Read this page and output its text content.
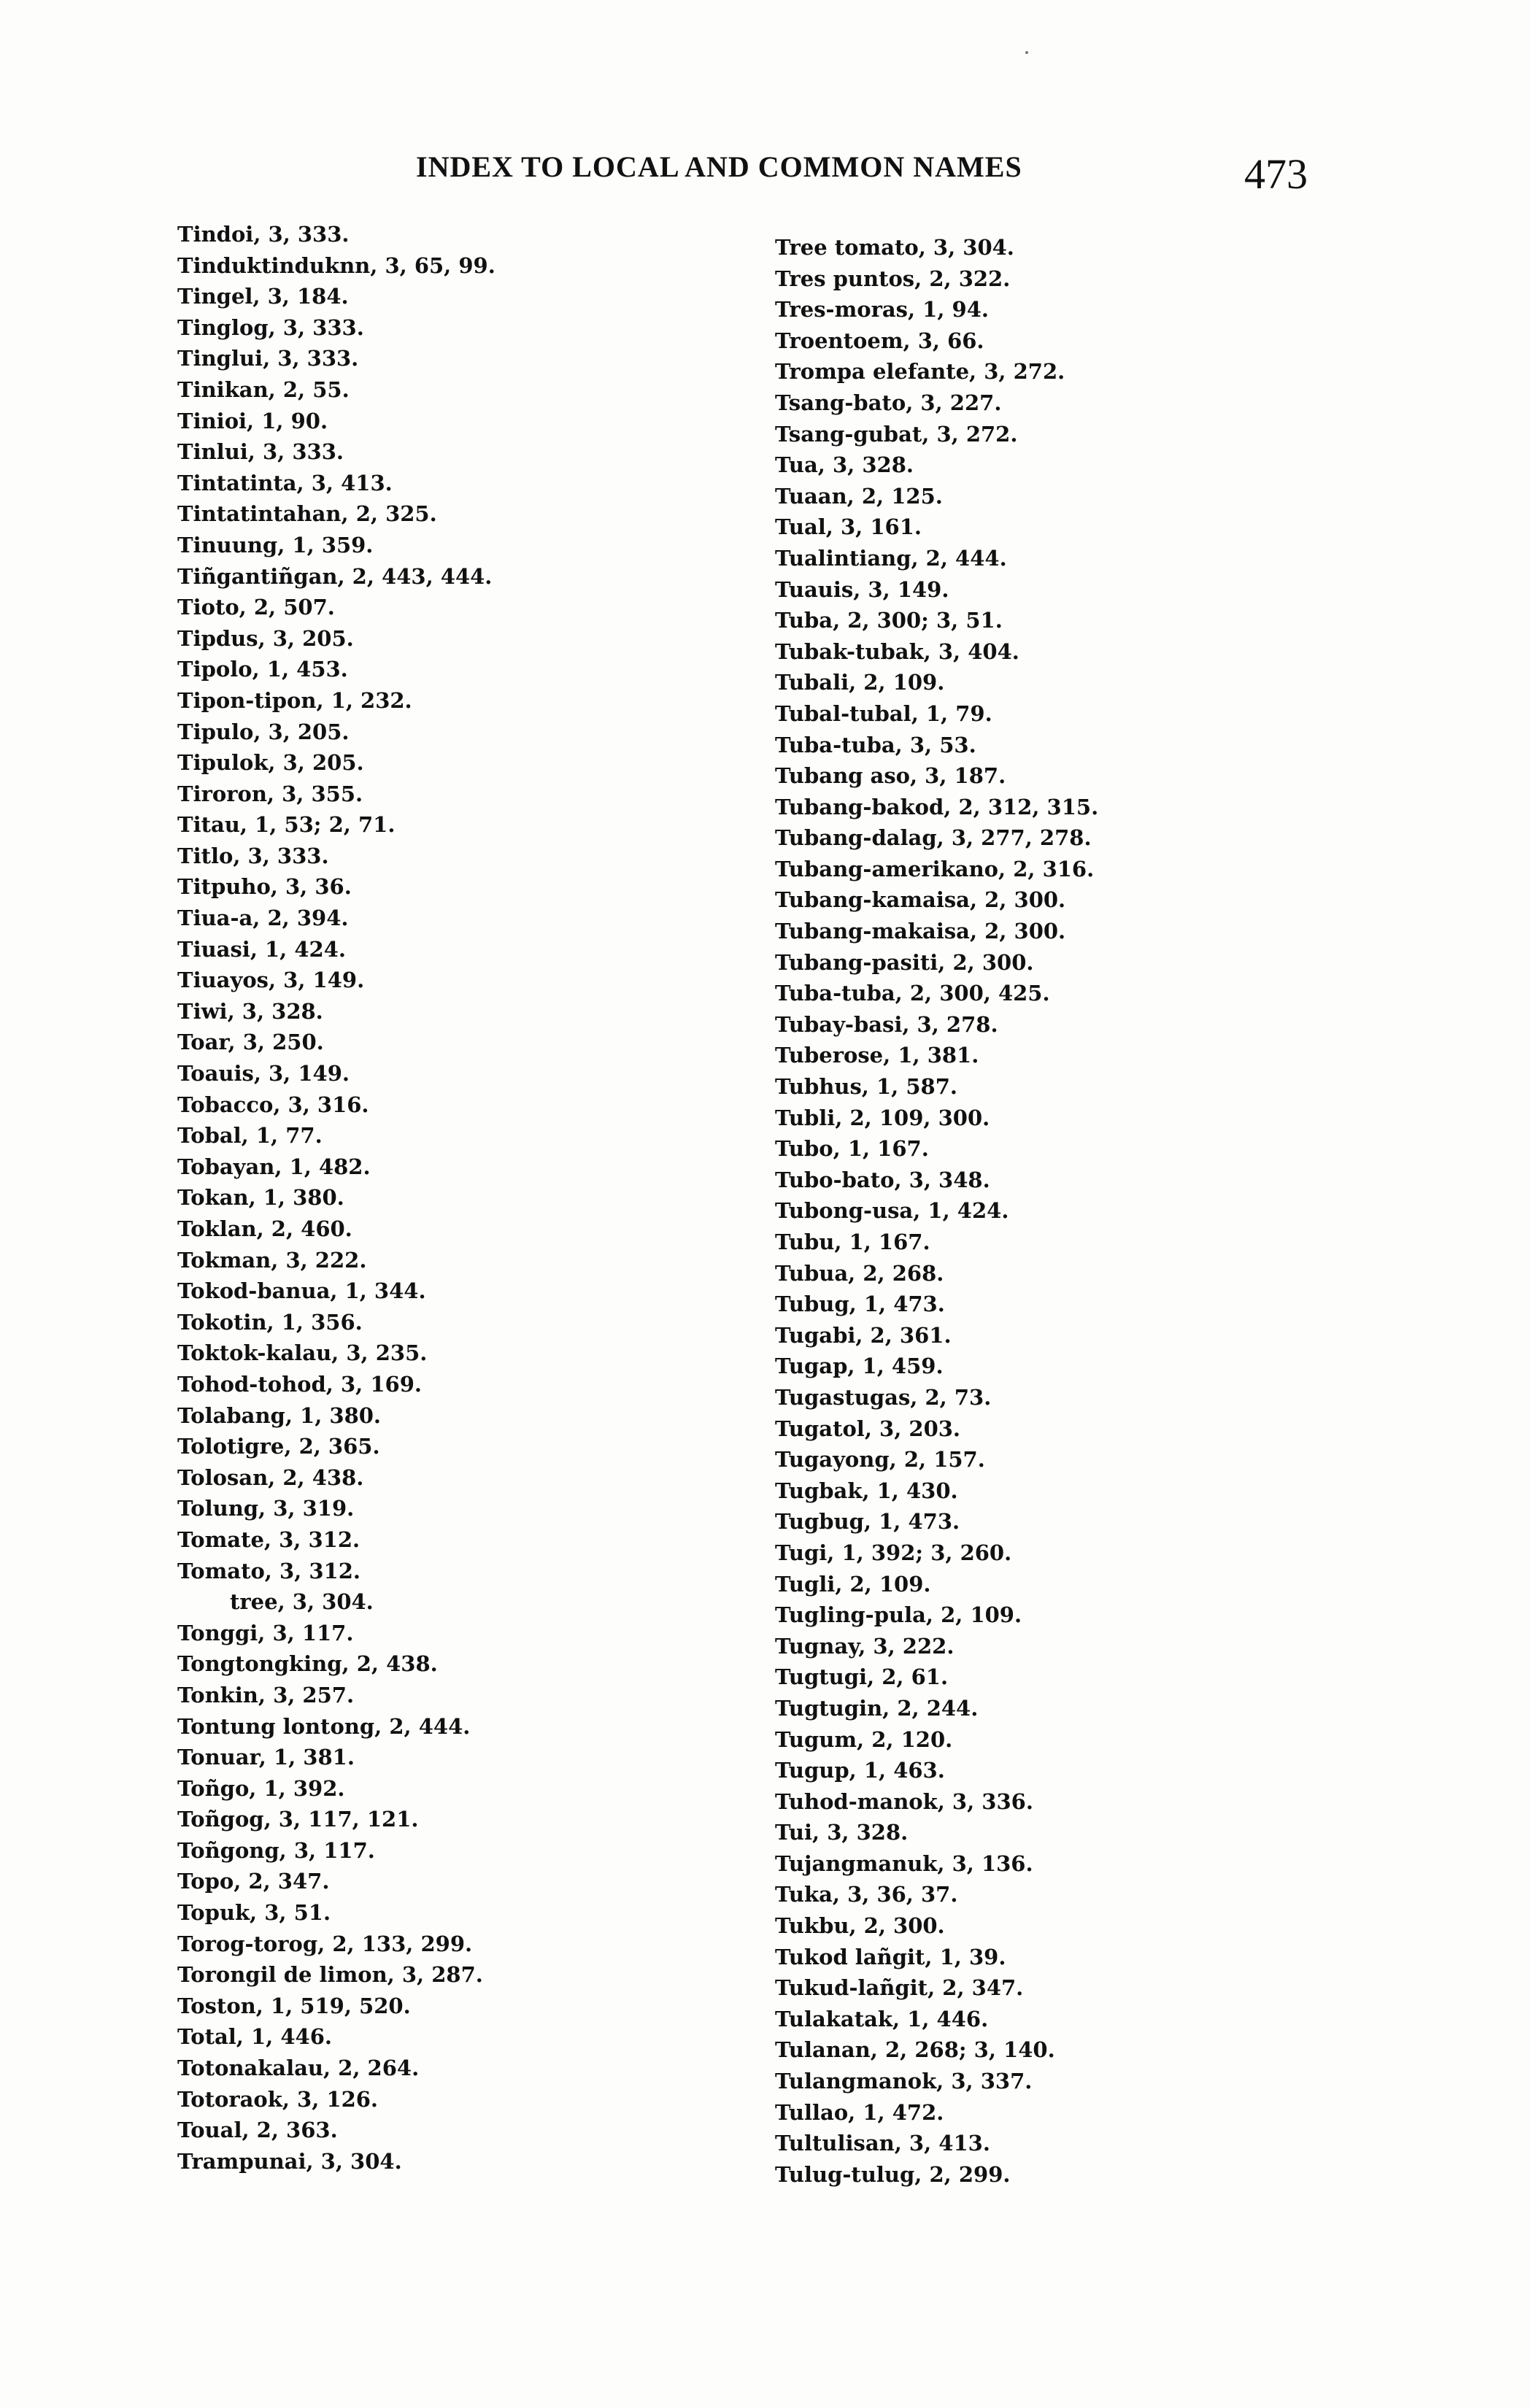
INDEX TO LOCAL AND COMMON NAMES	473
Tindoi, 3, 333.
Tinduktinduknn, 3, 65, 99.
Tingel, 3, 184.
Tinglog, 3, 333.
Tinglui, 3, 333.
Tinikan, 2, 55.
Tinioi, 1, 90.
Tinlui, 3, 333.
Tintatinta, 3, 413.
Tintatintahan, 2, 325.
Tinuung, 1, 359.
Tiñgantiñgan, 2, 443, 444.
Tioto, 2, 507.
Tipdus, 3, 205.
Tipolo, 1, 453.
Tipon-tipon, 1, 232.
Tipulo, 3, 205.
Tipulok, 3, 205.
Tiroron, 3, 355.
Titau, 1, 53; 2, 71.
Titlo, 3, 333.
Titpuho, 3, 36.
Tiua-a, 2, 394.
Tiuasi, 1, 424.
Tiuayos, 3, 149.
Tiwi, 3, 328.
Toar, 3, 250.
Toauis, 3, 149.
Tobacco, 3, 316.
Tobal, 1, 77.
Tobayan, 1, 482.
Tokan, 1, 380.
Toklan, 2, 460.
Tokman, 3, 222.
Tokod-banua, 1, 344.
Tokotin, 1, 356.
Toktok-kalau, 3, 235.
Tohod-tohod, 3, 169.
Tolabang, 1, 380.
Tolotigre, 2, 365.
Tolosan, 2, 438.
Tolung, 3, 319.
Tomate, 3, 312.
Tomato, 3, 312.
tree, 3, 304.
Tonggi, 3, 117.
Tongtongking, 2, 438.
Tonkin, 3, 257.
Tontung lontong, 2, 444.
Tonuar, 1, 381.
Toñgo, 1, 392.
Toñgog, 3, 117, 121.
Toñgong, 3, 117.
Topo, 2, 347.
Topuk, 3, 51.
Torog-torog, 2, 133, 299.
Torongil de limon, 3, 287.
Toston, 1, 519, 520.
Total, 1, 446.
Totonakalau, 2, 264.
Totoraok, 3, 126.
Toual, 2, 363.
Trampunai, 3, 304.
Tree tomato, 3, 304.
Tres puntos, 2, 322.
Tres-moras, 1, 94.
Troentoem, 3, 66.
Trompa elefante, 3, 272.
Tsang-bato, 3, 227.
Tsang-gubat, 3, 272.
Tua, 3, 328.
Tuaan, 2, 125.
Tual, 3, 161.
Tualintiang, 2, 444.
Tuauis, 3, 149.
Tuba, 2, 300; 3, 51.
Tubak-tubak, 3, 404.
Tubali, 2, 109.
Tubal-tubal, 1, 79.
Tuba-tuba, 3, 53.
Tubang aso, 3, 187.
Tubang-bakod, 2, 312, 315.
Tubang-dalag, 3, 277, 278.
Tubang-amerikano, 2, 316.
Tubang-kamaisa, 2, 300.
Tubang-makaisa, 2, 300.
Tubang-pasiti, 2, 300.
Tuba-tuba, 2, 300, 425.
Tubay-basi, 3, 278.
Tuberose, 1, 381.
Tubhus, 1, 587.
Tubli, 2, 109, 300.
Tubo, 1, 167.
Tubo-bato, 3, 348.
Tubong-usa, 1, 424.
Tubu, 1, 167.
Tubua, 2, 268.
Tubug, 1, 473.
Tugabi, 2, 361.
Tugap, 1, 459.
Tugastugas, 2, 73.
Tugatol, 3, 203.
Tugayong, 2, 157.
Tugbak, 1, 430.
Tugbug, 1, 473.
Tugi, 1, 392; 3, 260.
Tugli, 2, 109.
Tugling-pula, 2, 109.
Tugnay, 3, 222.
Tugtugi, 2, 61.
Tugtugin, 2, 244.
Tugum, 2, 120.
Tugup, 1, 463.
Tuhod-manok, 3, 336.
Tui, 3, 328.
Tujangmanuk, 3, 136.
Tuka, 3, 36, 37.
Tukbu, 2, 300.
Tukod lañgit, 1, 39.
Tukud-lañgit, 2, 347.
Tulakatak, 1, 446.
Tulanan, 2, 268; 3, 140.
Tulangmanok, 3, 337.
Tullao, 1, 472.
Tultulisan, 3, 413.
Tulug-tulug, 2, 299.
